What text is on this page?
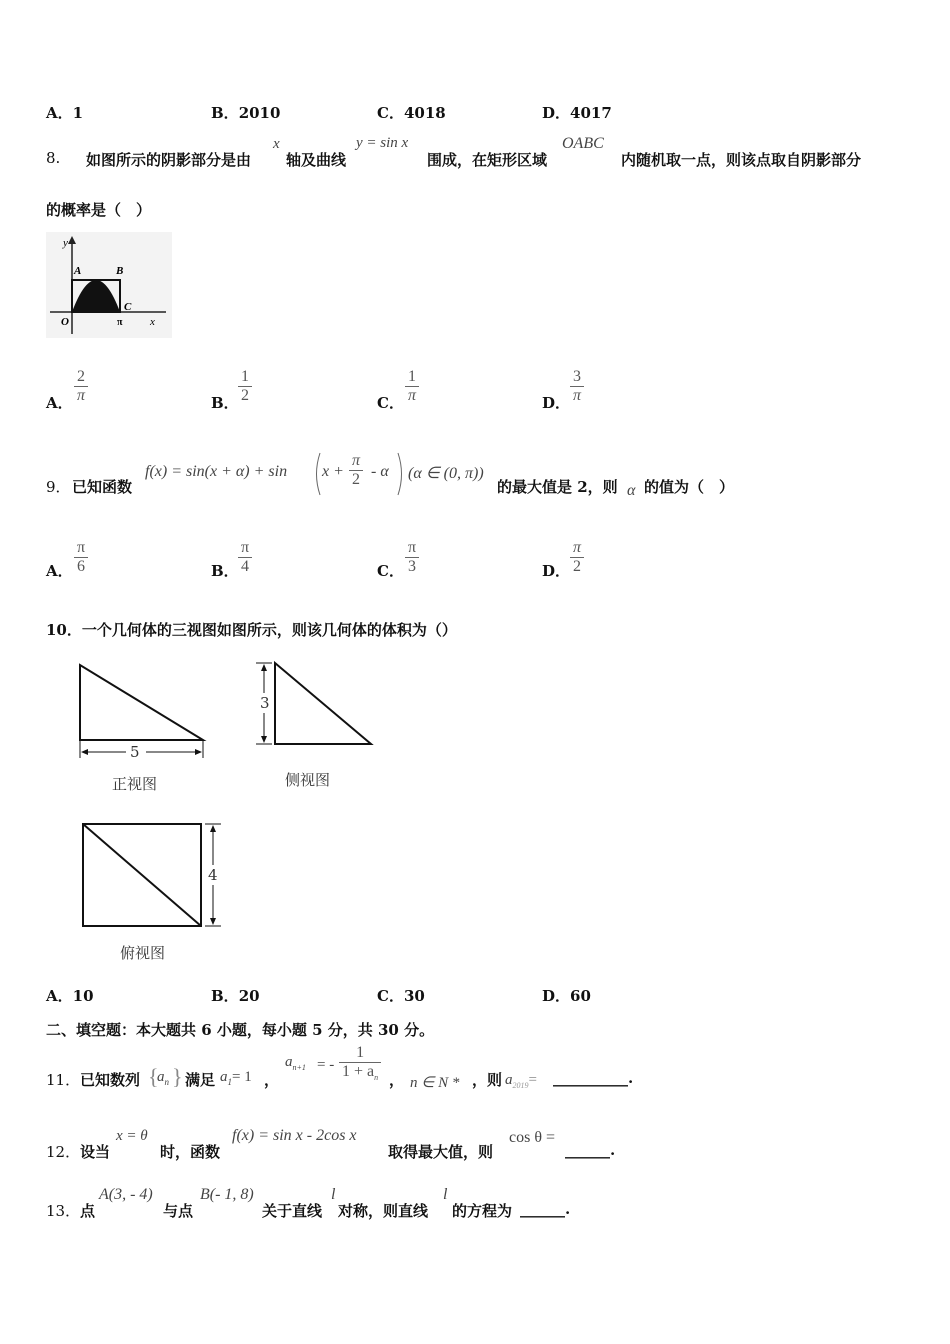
A．1	B．2010	C．4018	D．4017
8. 如图所示的阴影部分是由
x
轴及曲线
y = sin x
围成，在矩形区域
OABC
内随机取一点，则该点取自阴影部分
的概率是（　）
y
A	B
O
C
π	x
A． $\frac{2}{\pi}$	B． $\frac{1}{2}$	C． $\frac{1}{\pi}$	D． $\frac{3}{\pi}$
9． 已知函数
$f(x) = \sin(x + \alpha) + \sin x + \frac{\pi}{2} - \alpha$ (α ∈ (0, π))
的最大值是 2，则 α 的值为（　）
A． $\frac{\pi}{6}$	B． $\frac{\pi}{4}$	C． $\frac{\pi}{3}$	D． $\frac{\pi}{2}$
10．一个几何体的三视图如图所示，则该几何体的体积为（）
5
正视图
3
侧视图
4
俯视图
A．10	B．20	C．30	D．60
二、填空题：本大题共 6 小题，每小题 5 分，共 30 分。
11． 已知数列 {
$a_n$ } 满足 $a_1= 1$ ，
$a_{n+1}$ = - $\frac{1}{1 + a_n}$ ， n ∈ N * ，则 $a_{2019}=$ __________.
12． 设当
x = θ
时，函数
f(x) = sin x - 2cos x
取得最大值，则
cos θ =
______.
13． 点
A(3, - 4)
与点
B(- 1, 8)
关于直线
l
对称，则直线
l
的方程为 ______.
